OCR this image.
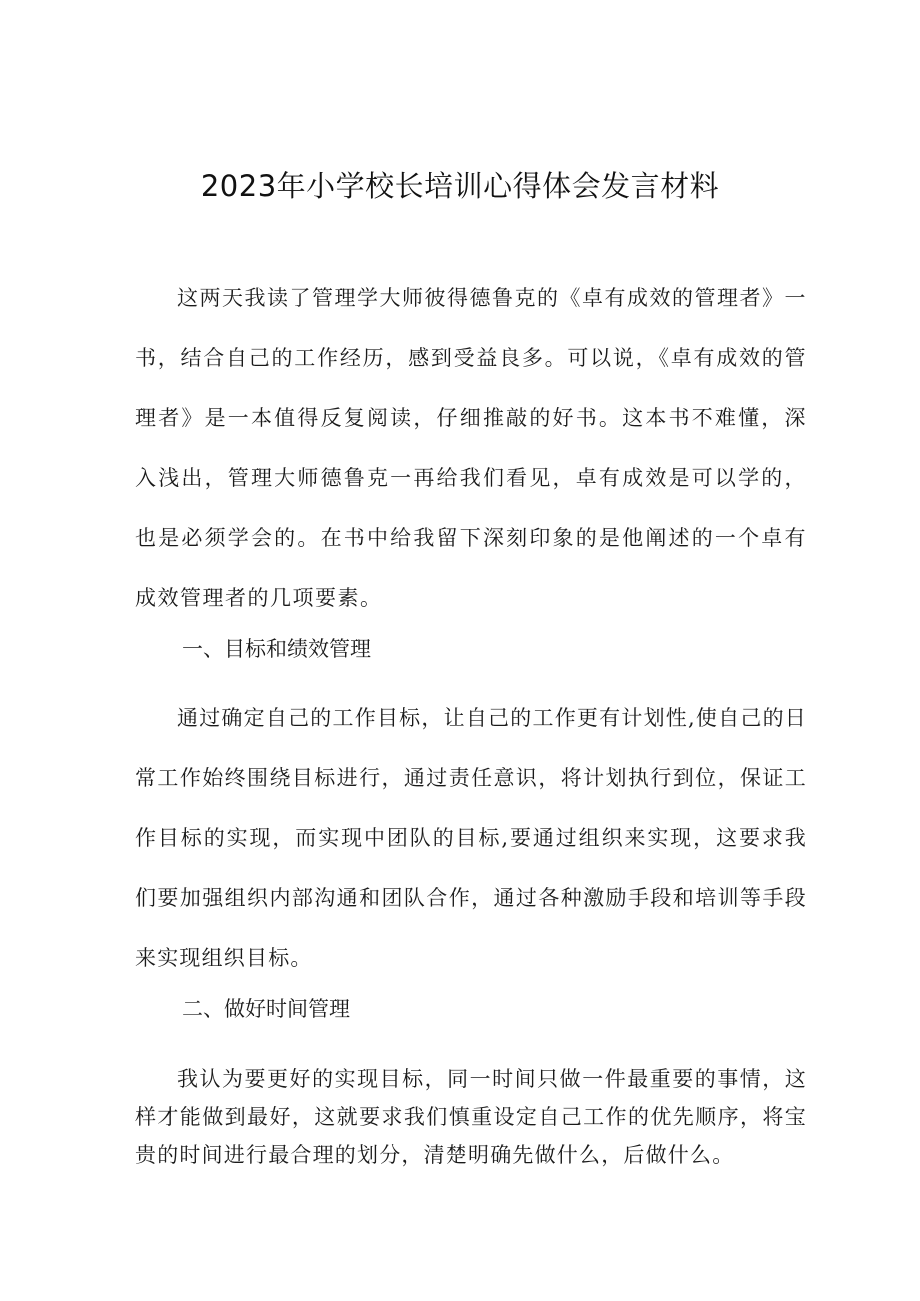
2023年小学校长培训心得体会发言材料

这两天我读了管理学大师彼得德鲁克的《卓有成效的管理者》一书，结合自己的工作经历，感到受益良多。可以说，《卓有成效的管理者》是一本值得反复阅读，仔细推敲的好书。这本书不难懂，深入浅出，管理大师德鲁克一再给我们看见，卓有成效是可以学的，也是必须学会的。在书中给我留下深刻印象的是他阐述的一个卓有成效管理者的几项要素。

一、目标和绩效管理

通过确定自己的工作目标，让自己的工作更有计划性,使自己的日常工作始终围绕目标进行，通过责任意识，将计划执行到位，保证工作目标的实现，而实现中团队的目标,要通过组织来实现，这要求我们要加强组织内部沟通和团队合作，通过各种激励手段和培训等手段来实现组织目标。

二、做好时间管理

我认为要更好的实现目标，同一时间只做一件最重要的事情，这样才能做到最好，这就要求我们慎重设定自己工作的优先顺序，将宝贵的时间进行最合理的划分，清楚明确先做什么，后做什么。
